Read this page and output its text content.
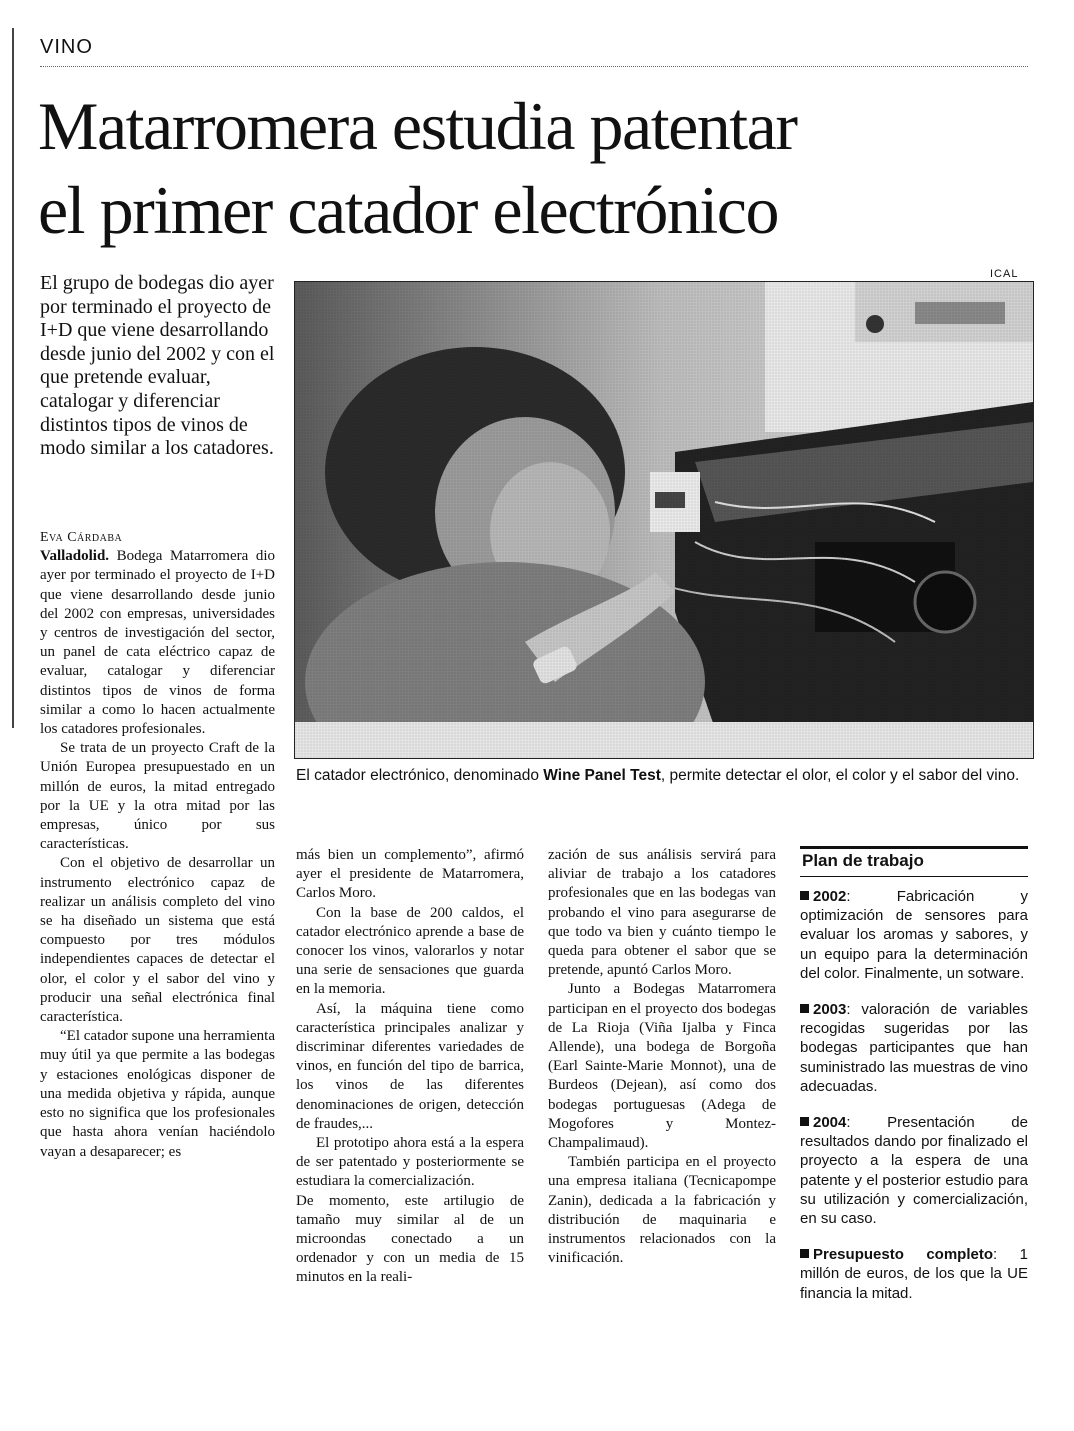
VINO
Matarromera estudia patentar
el primer catador electrónico

El grupo de bodegas dio ayer por terminado el proyecto de I+D que viene desarrollando desde junio del 2002 y con el que pretende evaluar, catalogar y diferenciar distintos tipos de vinos de modo similar a los catadores.

ICAL
El catador electrónico, denominado Wine Panel Test, permite detectar el olor, el color y el sabor del vino.
Eva Cárdaba

Valladolid. Bodega Matarromera dio ayer por terminado el proyecto de I+D que viene desarrollando desde junio del 2002 con empresas, universidades y centros de investigación del sector, un panel de cata eléctrico capaz de evaluar, catalogar y diferenciar distintos tipos de vinos de forma similar a como lo hacen actualmente los catadores profesionales.

Se trata de un proyecto Craft de la Unión Europea presupuestado en un millón de euros, la mitad entregado por la UE y la otra mitad por las empresas, único por sus características.

Con el objetivo de desarrollar un instrumento electrónico capaz de realizar un análisis completo del vino se ha diseñado un sistema que está compuesto por tres módulos independientes capaces de detectar el olor, el color y el sabor del vino y producir una señal electrónica final característica.

“El catador supone una herramienta muy útil ya que permite a las bodegas y estaciones enológicas disponer de una medida objetiva y rápida, aunque esto no significa que los profesionales que hasta ahora venían haciéndolo vayan a desaparecer; es

más bien un complemento”, afirmó ayer el presidente de Matarromera, Carlos Moro.

Con la base de 200 caldos, el catador electrónico aprende a base de conocer los vinos, valorarlos y notar una serie de sensaciones que guarda en la memoria.

Así, la máquina tiene como característica principales analizar y discriminar diferentes variedades de vinos, en función del tipo de barrica, los vinos de las diferentes denominaciones de origen, detección de fraudes,...

El prototipo ahora está a la espera de ser patentado y posteriormente se estudiara la comercialización.

De momento, este artilugio de tamaño muy similar al de un microondas conectado a un ordenador y con un media de 15 minutos en la reali-

zación de sus análisis servirá para aliviar de trabajo a los catadores profesionales que en las bodegas van probando el vino para asegurarse de que todo va bien y cuánto tiempo le queda para obtener el sabor que se pretende, apuntó Carlos Moro.

Junto a Bodegas Matarromera participan en el proyecto dos bodegas de La Rioja (Viña Ijalba y Finca Allende), una bodega de Borgoña (Earl Sainte-Marie Monnot), una de Burdeos (Dejean), así como dos bodegas portuguesas (Adega de Mogofores y Montez-Champalimaud).

También participa en el proyecto una empresa italiana (Tecnicapompe Zanin), dedicada a la fabricación y distribución de maquinaria e instrumentos relacionados con la vinificación.

Plan de trabajo
2002: Fabricación y optimización de sensores para evaluar los aromas y sabores, y un equipo para la determinación del color. Finalmente, un sotware.
2003: valoración de variables recogidas sugeridas por las bodegas participantes que han suministrado las muestras de vino adecuadas.
2004: Presentación de resultados dando por finalizado el proyecto a la espera de una patente y el posterior estudio para su utilización y comercialización, en su caso.
Presupuesto completo: 1 millón de euros, de los que la UE financia la mitad.
